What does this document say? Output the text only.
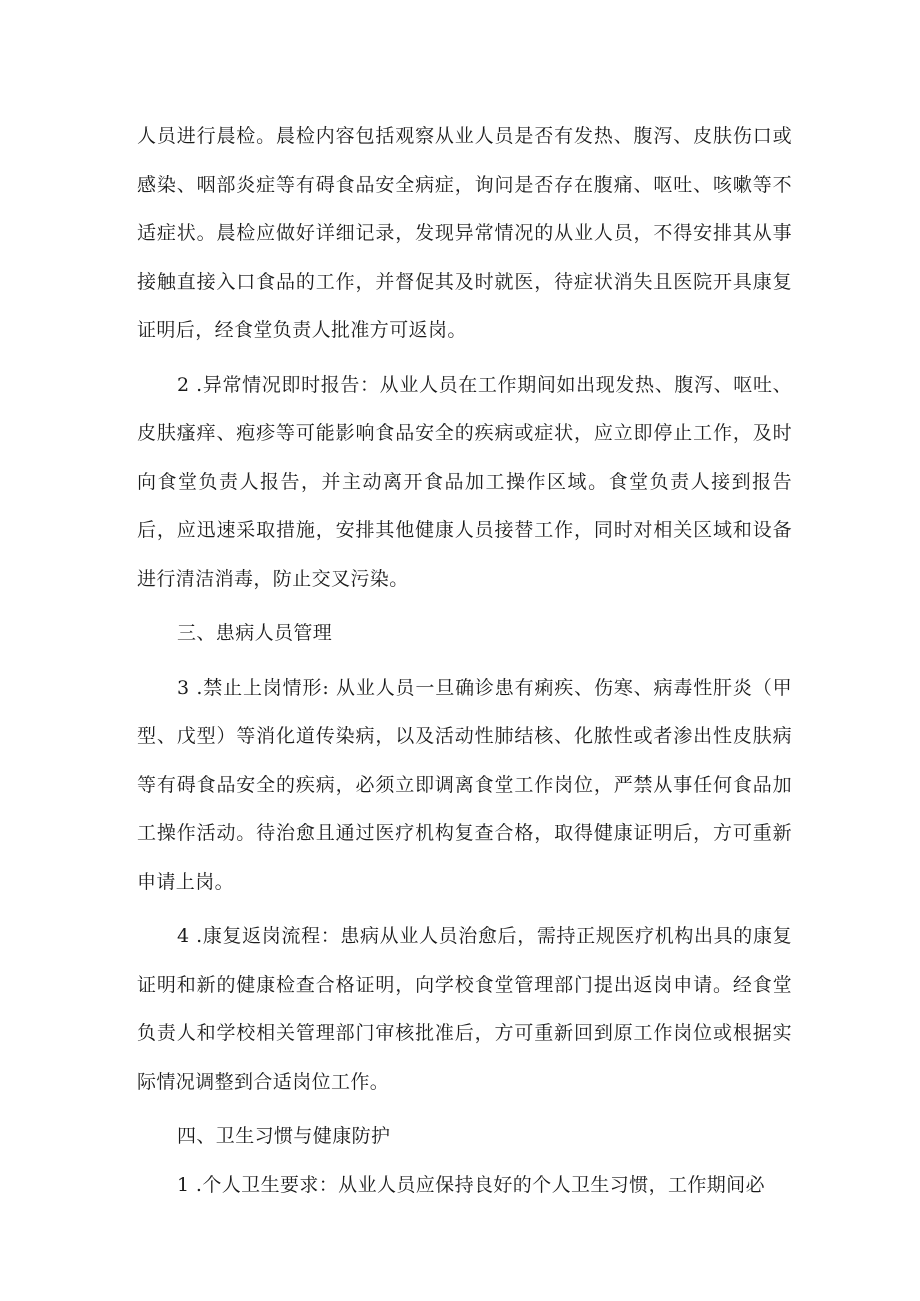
人员进行晨检。晨检内容包括观察从业人员是否有发热、腹泻、皮肤伤口或感染、咽部炎症等有碍食品安全病症，询问是否存在腹痛、呕吐、咳嗽等不适症状。晨检应做好详细记录，发现异常情况的从业人员，不得安排其从事接触直接入口食品的工作，并督促其及时就医，待症状消失且医院开具康复证明后，经食堂负责人批准方可返岗。

2 .异常情况即时报告：从业人员在工作期间如出现发热、腹泻、呕吐、皮肤瘙痒、疱疹等可能影响食品安全的疾病或症状，应立即停止工作，及时向食堂负责人报告，并主动离开食品加工操作区域。食堂负责人接到报告后，应迅速采取措施，安排其他健康人员接替工作，同时对相关区域和设备进行清洁消毒，防止交叉污染。

三、患病人员管理

3 .禁止上岗情形: 从业人员一旦确诊患有痢疾、伤寒、病毒性肝炎（甲型、戊型）等消化道传染病，以及活动性肺结核、化脓性或者渗出性皮肤病等有碍食品安全的疾病，必须立即调离食堂工作岗位，严禁从事任何食品加工操作活动。待治愈且通过医疗机构复查合格，取得健康证明后，方可重新申请上岗。

4 .康复返岗流程：患病从业人员治愈后，需持正规医疗机构出具的康复证明和新的健康检查合格证明，向学校食堂管理部门提出返岗申请。经食堂负责人和学校相关管理部门审核批准后，方可重新回到原工作岗位或根据实际情况调整到合适岗位工作。

四、卫生习惯与健康防护

1 .个人卫生要求：从业人员应保持良好的个人卫生习惯，工作期间必
